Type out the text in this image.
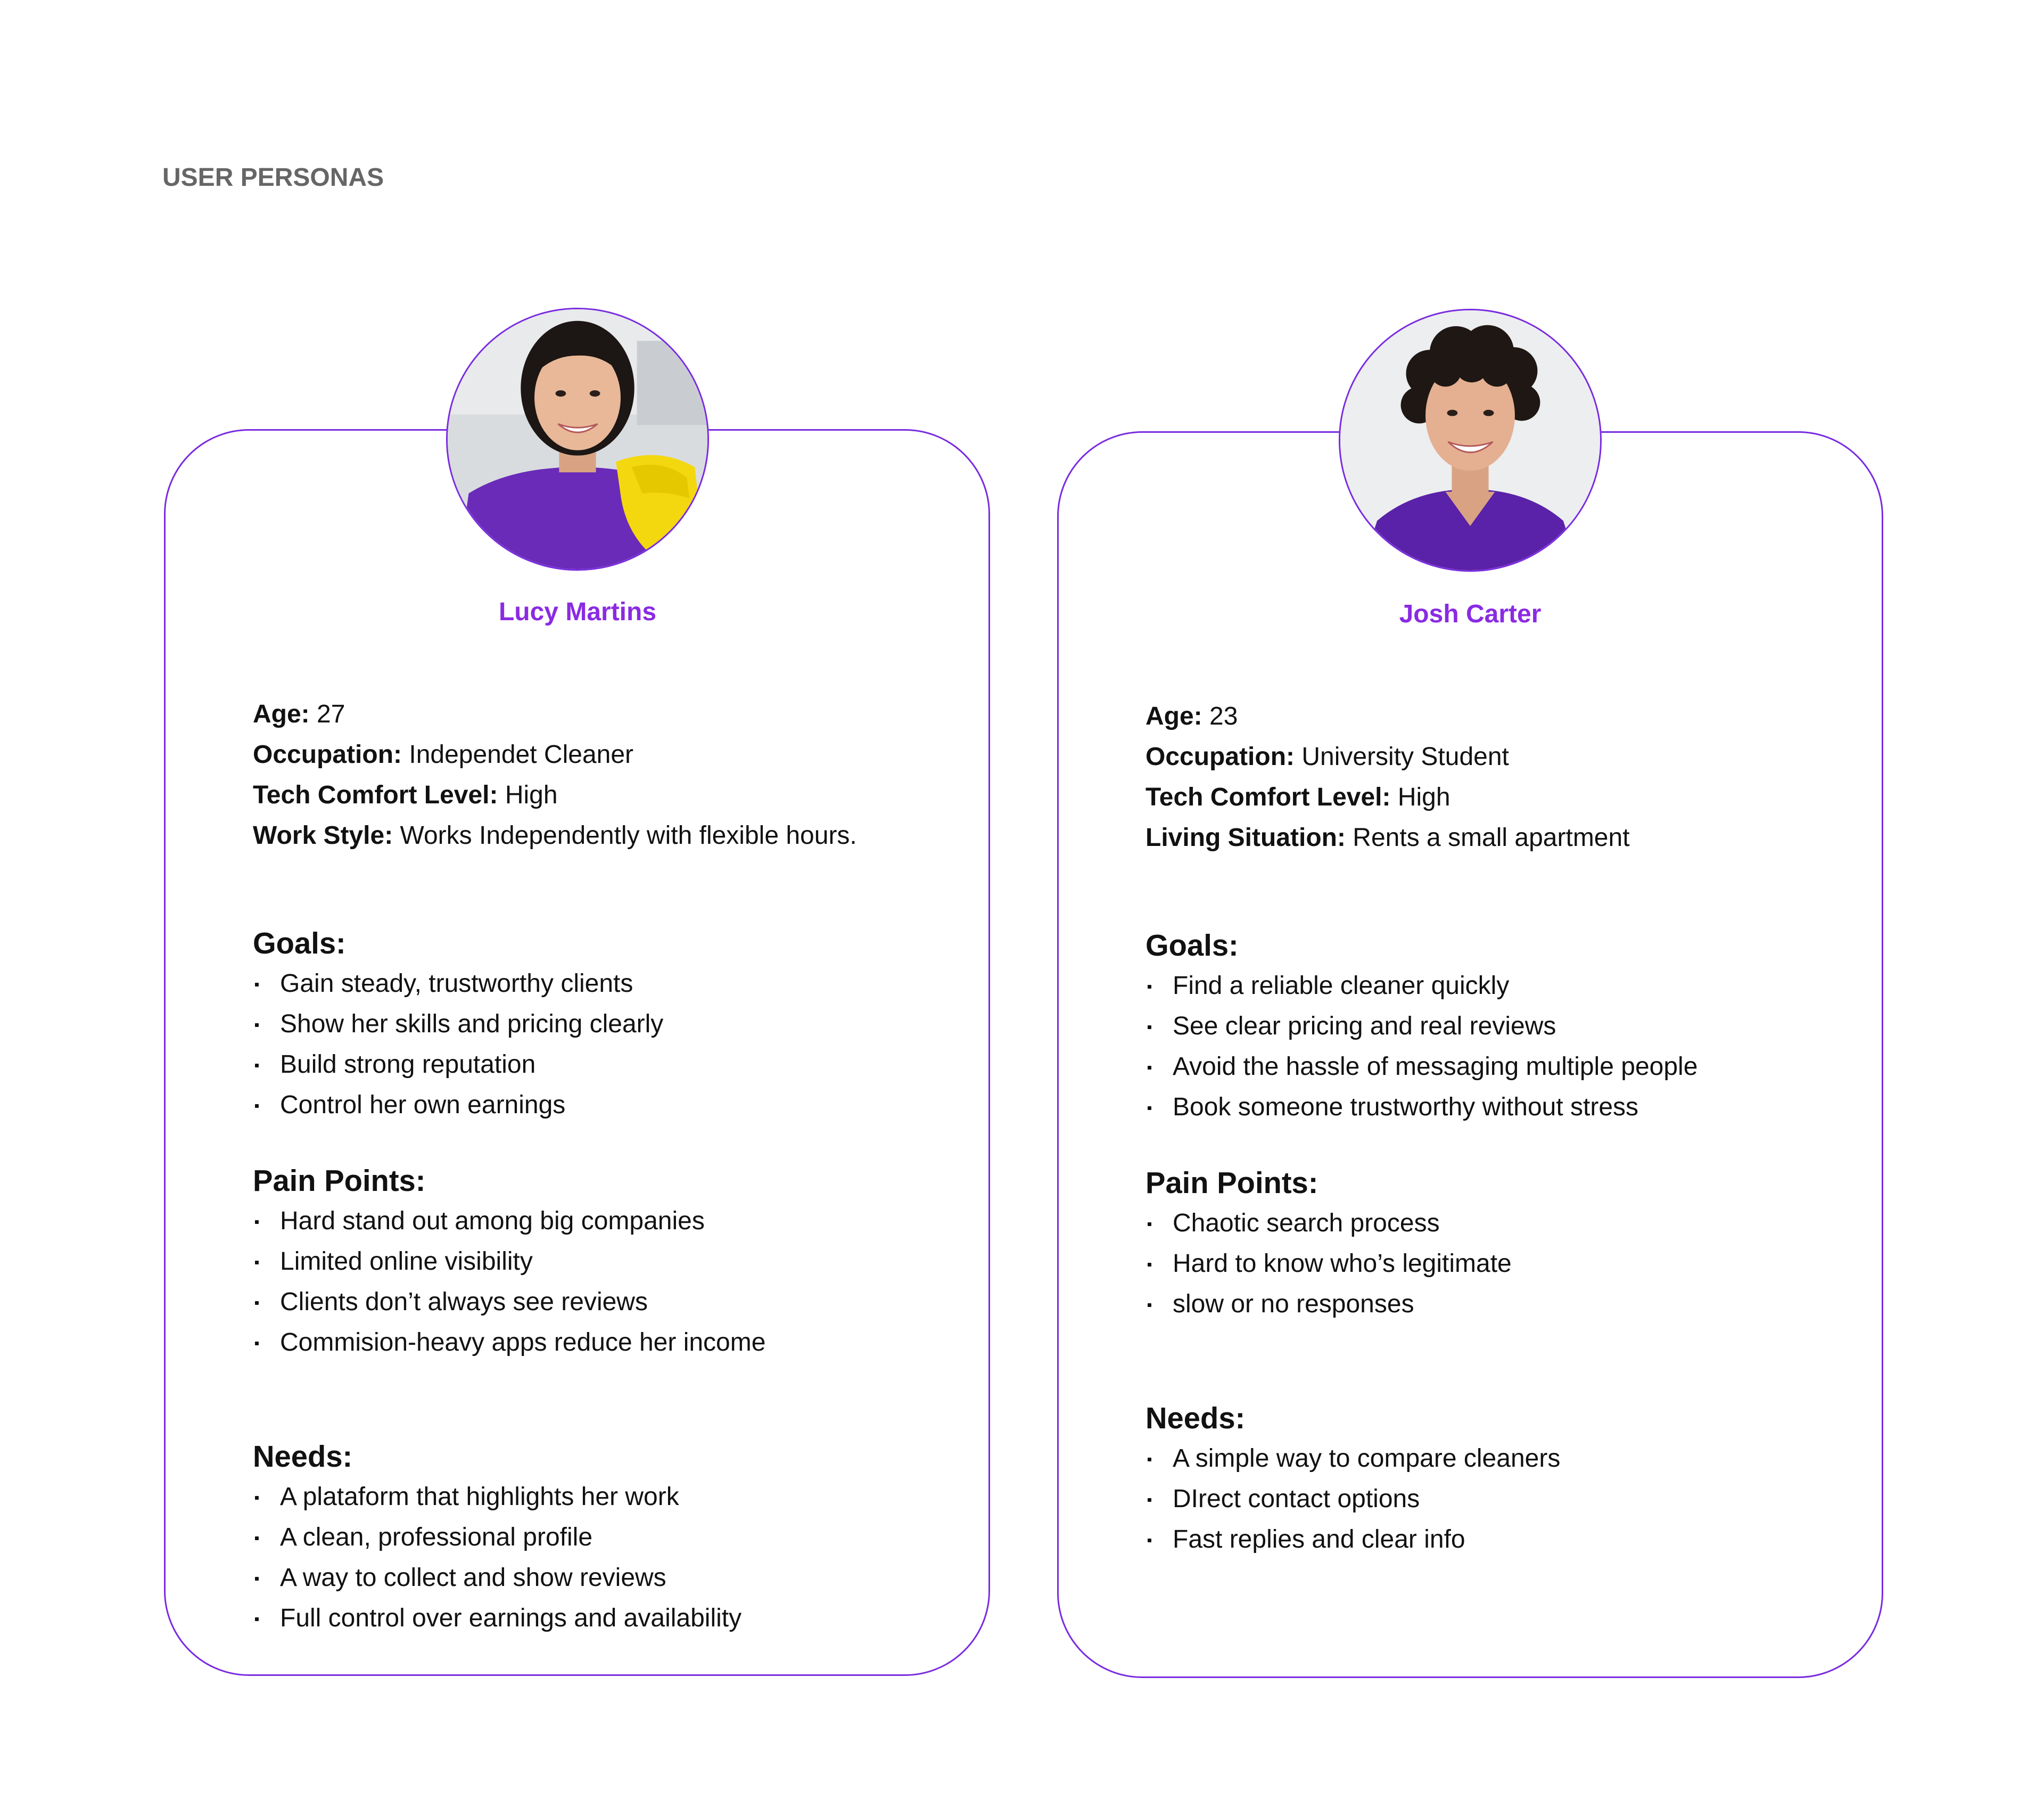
USER PERSONAS
Lucy Martins
Age: 27
Occupation: Independet Cleaner
Tech Comfort Level: High
Work Style: Works Independently with flexible hours.
Goals:
Gain steady, trustworthy clients
Show her skills and pricing clearly
Build strong reputation
Control her own earnings
Pain Points:
Hard stand out among big companies
Limited online visibility
Clients don’t always see reviews
Commision-heavy apps reduce her income
Needs:
A plataform that highlights her work
A clean, professional profile
A way to collect and show reviews
Full control over earnings and availability
Josh Carter
Age: 23
Occupation: University Student
Tech Comfort Level: High
Living Situation: Rents a small apartment
Goals:
Find a reliable cleaner quickly
See clear pricing and real reviews
Avoid the hassle of messaging multiple people
Book someone trustworthy without stress
Pain Points:
Chaotic search process
Hard to know who’s legitimate
slow or no responses
Needs:
A simple way to compare cleaners
DIrect contact options
Fast replies and clear info
